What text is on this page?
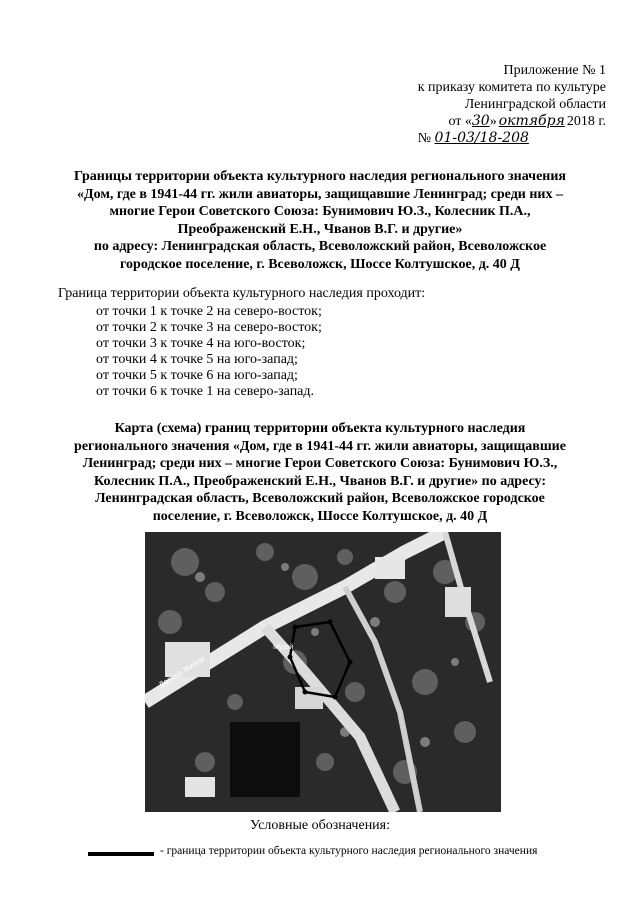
Приложение № 1
к приказу комитета по культуре
Ленинградской области
от «30» октября 2018 г.
№ 01-03/18-208
Границы территории объекта культурного наследия регионального значения
«Дом, где в 1941-44 гг. жили авиаторы, защищавшие Ленинград; среди них –
многие Герои Советского Союза: Бунимович Ю.З., Колесник П.А.,
Преображенский Е.Н., Чванов В.Г. и другие»
по адресу: Ленинградская область, Всеволожский район, Всеволожское
городское поселение, г. Всеволожск, Шоссе Колтушское, д. 40 Д
Граница территории объекта культурного наследия проходит:
от точки 1 к точке 2 на северо-восток;
от точки 2 к точке 3 на северо-восток;
от точки 3 к точке 4 на юго-восток;
от точки 4 к точке 5 на юго-запад;
от точки 5 к точке 6 на юго-запад;
от точки 6 к точке 1 на северо-запад.
Карта (схема) границ территории объекта культурного наследия
регионального значения «Дом, где в 1941-44 гг. жили авиаторы, защищавшие
Ленинград; среди них – многие Герои Советского Союза: Бунимович Ю.З.,
Колесник П.А., Преображенский Е.Н., Чванов В.Г. и другие» по адресу:
Ленинградская область, Всеволожский район, Всеволожское городское
поселение, г. Всеволожск, Шоссе Колтушское, д. 40 Д
Дорога Жизни
Музей
Условные обозначения:
- граница территории объекта культурного наследия регионального значения
